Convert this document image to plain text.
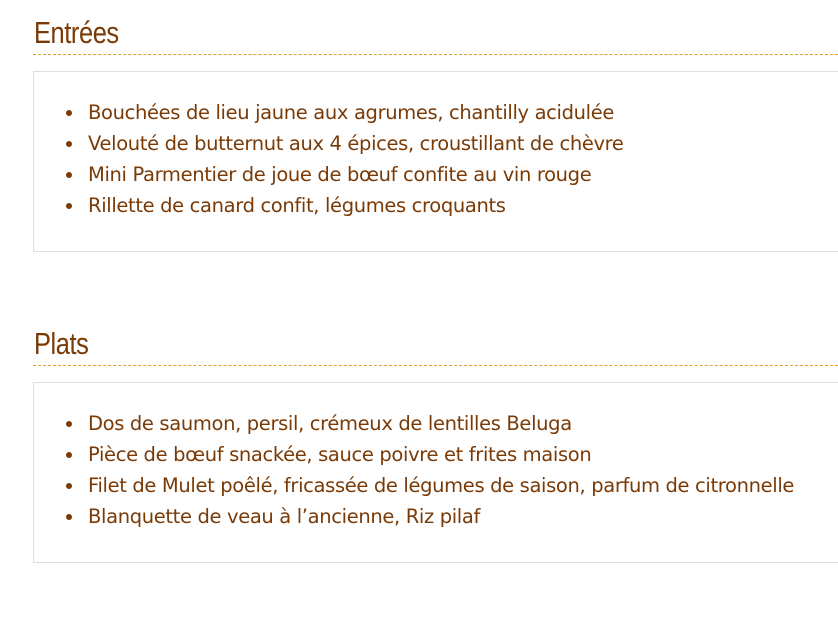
Entrées
Bouchées de lieu jaune aux agrumes, chantilly acidulée
Velouté de butternut aux 4 épices, croustillant de chèvre
Mini Parmentier de joue de bœuf confite au vin rouge
Rillette de canard confit, légumes croquants
Plats
Dos de saumon, persil, crémeux de lentilles Beluga
Pièce de bœuf snackée, sauce poivre et frites maison
Filet de Mulet poêlé, fricassée de légumes de saison, parfum de citronnelle
Blanquette de veau à l’ancienne, Riz pilaf
